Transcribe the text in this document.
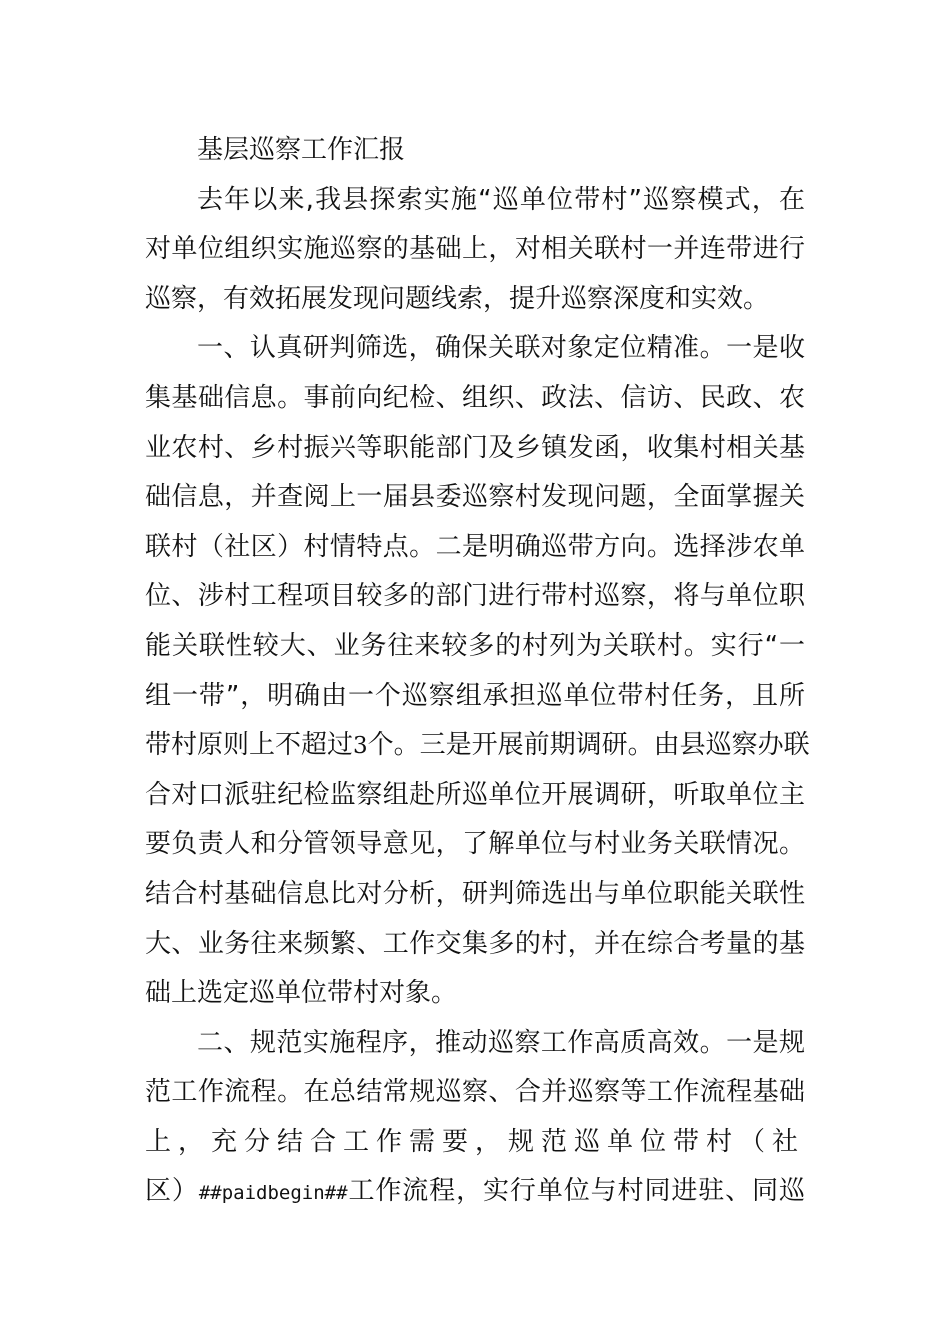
基层巡察工作汇报
去年以来,我县探索实施“巡单位带村”巡察模式，在
对单位组织实施巡察的基础上，对相关联村一并连带进行
巡察，有效拓展发现问题线索，提升巡察深度和实效。
一、认真研判筛选，确保关联对象定位精准。一是收
集基础信息。事前向纪检、组织、政法、信访、民政、农
业农村、乡村振兴等职能部门及乡镇发函，收集村相关基
础信息，并查阅上一届县委巡察村发现问题，全面掌握关
联村（社区）村情特点。二是明确巡带方向。选择涉农单
位、涉村工程项目较多的部门进行带村巡察，将与单位职
能关联性较大、业务往来较多的村列为关联村。实行“一
组一带”，明确由一个巡察组承担巡单位带村任务，且所
带村原则上不超过3个。三是开展前期调研。由县巡察办联
合对口派驻纪检监察组赴所巡单位开展调研，听取单位主
要负责人和分管领导意见，了解单位与村业务关联情况。
结合村基础信息比对分析，研判筛选出与单位职能关联性
大、业务往来频繁、工作交集多的村，并在综合考量的基
础上选定巡单位带村对象。
二、规范实施程序，推动巡察工作高质高效。一是规
范工作流程。在总结常规巡察、合并巡察等工作流程基础
上，充分结合工作需要，规范巡单位带村（社
区）##paidbegin##工作流程，实行单位与村同进驻、同巡
